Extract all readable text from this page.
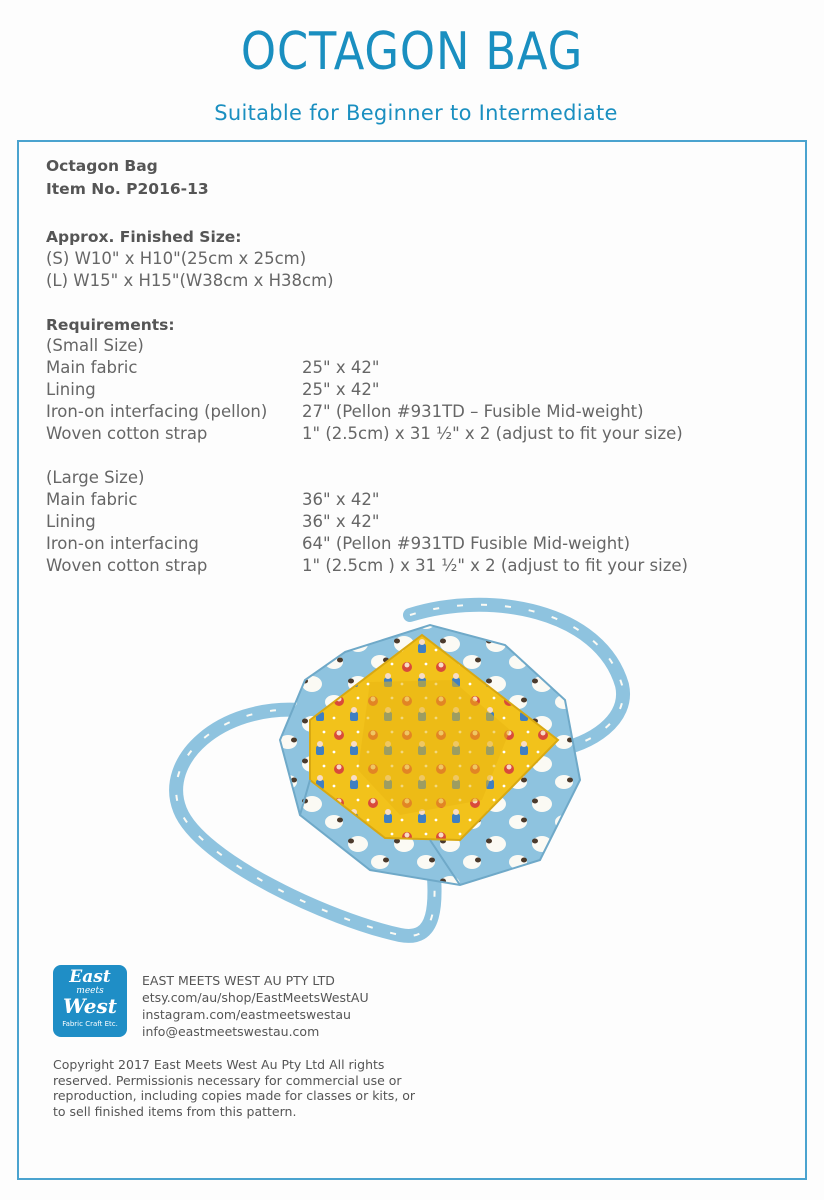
OCTAGON BAG
Suitable for Beginner to Intermediate
Octagon Bag
Item No. P2016-13
Approx. Finished Size:
(S) W10" x H10"(25cm x 25cm)
(L) W15" x H15"(W38cm x H38cm)
Requirements:
(Small Size)
Main fabric	25" x 42"
Lining	25" x 42"
Iron-on interfacing (pellon) 27" (Pellon #931TD – Fusible Mid-weight)
Woven cotton strap	1" (2.5cm) x 31 ½" x 2 (adjust to fit your size)
(Large Size)
Main fabric	36" x 42"
Lining	36" x 42"
Iron-on interfacing	64" (Pellon #931TD Fusible Mid-weight)
Woven cotton strap	1" (2.5cm ) x 31 ½" x 2 (adjust to fit your size)
East
meets
West
Fabric Craft Etc.
EAST MEETS WEST AU PTY LTD
etsy.com/au/shop/EastMeetsWestAU
instagram.com/eastmeetswestau
info@eastmeetswestau.com
Copyright 2017 East Meets West Au Pty Ltd All rights reserved. Permissionis necessary for commercial use or reproduction, including copies made for classes or kits, or to sell finished items from this pattern.
